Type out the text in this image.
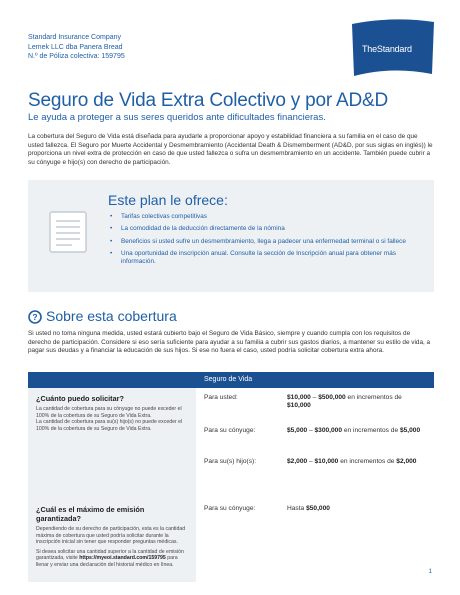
Standard Insurance Company
Lemek LLC dba Panera Bread
N.º de Póliza colectiva: 159795
TheStandard
Seguro de Vida Extra Colectivo y por AD&D
Le ayuda a proteger a sus seres queridos ante dificultades financieras.

La cobertura del Seguro de Vida está diseñada para ayudarle a proporcionar apoyo y estabilidad financiera a su familia en el caso de que usted fallezca. El Seguro por Muerte Accidental y Desmembramiento (Accidental Death & Dismemberment (AD&D, por sus siglas en inglés)) le proporciona un nivel extra de protección en caso de que usted fallezca o sufra un desmembramiento en un accidente. También puede cubrir a su cónyuge e hijo(s) con derecho de participación.

Este plan le ofrece:
• Tarifas colectivas competitivas
• La comodidad de la deducción directamente de la nómina
• Beneficios si usted sufre un desmembramiento, llega a padecer una enfermedad terminal o si fallece
• Una oportunidad de inscripción anual. Consulte la sección de Inscripción anual para obtener más información.
? Sobre esta cobertura

Si usted no toma ninguna medida, usted estará cubierto bajo el Seguro de Vida Básico, siempre y cuando cumpla con los requisitos de derecho de participación. Considere si eso sería suficiente para ayudar a su familia a cubrir sus gastos diarios, a mantener su estilo de vida, a pagar sus deudas y a financiar la educación de sus hijos. Si ese no fuera el caso, usted podría solicitar cobertura extra ahora.

Seguro de Vida
¿Cuánto puedo solicitar?
La cantidad de cobertura para su cónyuge no puede exceder el 100% de la cobertura de su Seguro de Vida Extra.
La cantidad de cobertura para su(s) hijo(s) no puede exceder el 100% de la cobertura de su Seguro de Vida Extra.
Para usted:	$10,000 – $500,000 en incrementos de $10,000
Para su cónyuge:	$5,000 – $300,000 en incrementos de $5,000
Para su(s) hijo(s):	$2,000 – $10,000 en incrementos de $2,000
¿Cuál es el máximo de emisión garantizada?
Dependiendo de su derecho de participación, esta es la cantidad máxima de cobertura que usted podría solicitar durante la inscripción inicial sin tener que responder preguntas médicas.
Si desea solicitar una cantidad superior a la cantidad de emisión garantizada, visite https://myeoi.standard.com/159795 para llenar y enviar una declaración del historial médico en línea.
Para su cónyuge:	Hasta $50,000
1
